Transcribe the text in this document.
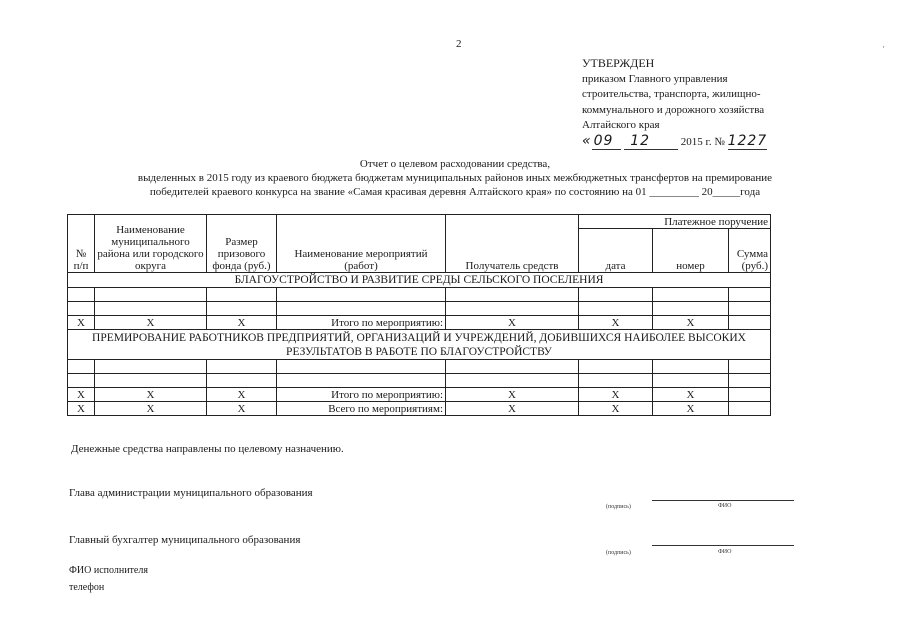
2	·
УТВЕРЖДЕН
приказом Главного управления
строительства, транспорта, жилищно-
коммунального и дорожного хозяйства
Алтайского края
« 09 12	2015 г. № 1227
Отчет о целевом расходовании средства,
выделенных в 2015 году из краевого бюджета бюджетам муниципальных районов иных межбюджетных трансфертов на премирование
победителей краевого конкурса на звание «Самая красивая деревня Алтайского края» по состоянию на 01 _________ 20_____года
№ п/п	Наименование муниципального района или городского округа	Размер призового фонда (руб.)	Наименование мероприятий (работ)	Получатель средств	Платежное поручение		
					дата	номер	Сумма (руб.)
БЛАГОУСТРОЙСТВО И РАЗВИТИЕ СРЕДЫ СЕЛЬСКОГО ПОСЕЛЕНИЯ							

X	X	X	Итого по мероприятию:	X	X	X	
ПРЕМИРОВАНИЕ РАБОТНИКОВ ПРЕДПРИЯТИЙ, ОРГАНИЗАЦИЙ И УЧРЕЖДЕНИЙ, ДОБИВШИХСЯ НАИБОЛЕЕ ВЫСОКИХ РЕЗУЛЬТАТОВ В РАБОТЕ ПО БЛАГОУСТРОЙСТВУ							

X	X	X	Итого по мероприятию:	X	X	X	
X	X	X	Всего по мероприятиям:	X	X	X	
Денежные средства направлены по целевому назначению.
Глава администрации муниципального образования
(подпись)	ФИО
Главный бухгалтер муниципального образования
(подпись)	ФИО
ФИО исполнителя
телефон
